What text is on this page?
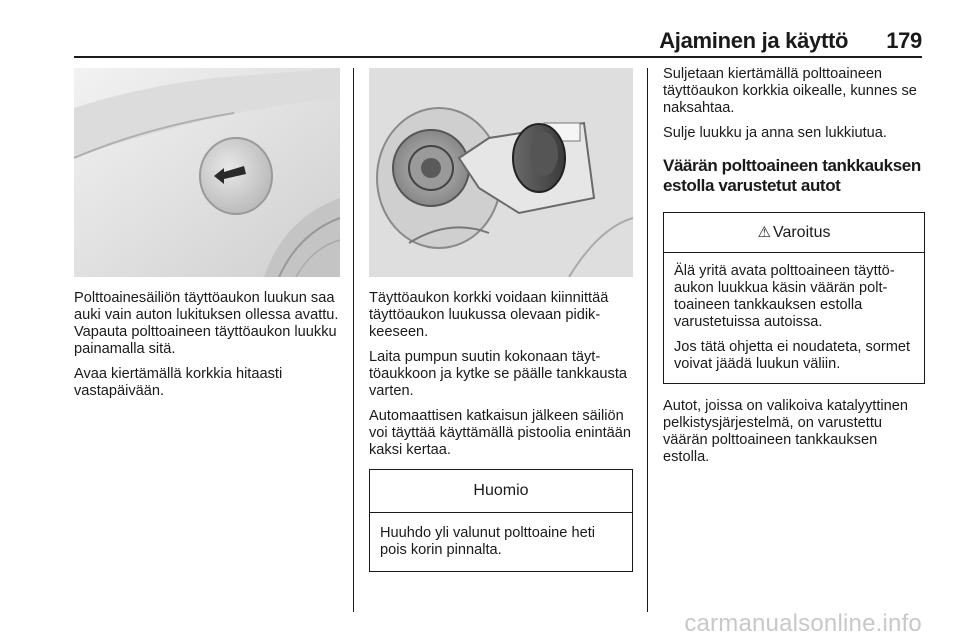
Ajaminen ja käyttö 179

Polttoainesäiliön täyttöaukon luukun saa auki vain auton lukituksen ollessa avattu. Vapauta polttoaineen täyttöaukon luukku painamalla sitä.

Avaa kiertämällä korkkia hitaasti vastapäivään.

Täyttöaukon korkki voidaan kiinnittää täyttöaukon luukussa olevaan pidikkeeseen.

Laita pumpun suutin kokonaan täyttöaukkoon ja kytke se päälle tankkausta varten.

Automaattisen katkaisun jälkeen säiliön voi täyttää käyttämällä pistoolia enintään kaksi kertaa.

Huomio

Huuhdo yli valunut polttoaine heti pois korin pinnalta.

Suljetaan kiertämällä polttoaineen täyttöaukon korkkia oikealle, kunnes se naksahtaa.

Sulje luukku ja anna sen lukkiutua.

Väärän polttoaineen tankkauksen estolla varustetut autot
⚠ Varoitus

Älä yritä avata polttoaineen täyttöaukon luukkua käsin väärän polttoaineen tankkauksen estolla varustetuissa autoissa.

Jos tätä ohjetta ei noudateta, sormet voivat jäädä luukun väliin.

Autot, joissa on valikoiva katalyyttinen pelkistysjärjestelmä, on varustettu väärän polttoaineen tankkauksen estolla.

carmanualsonline.info
